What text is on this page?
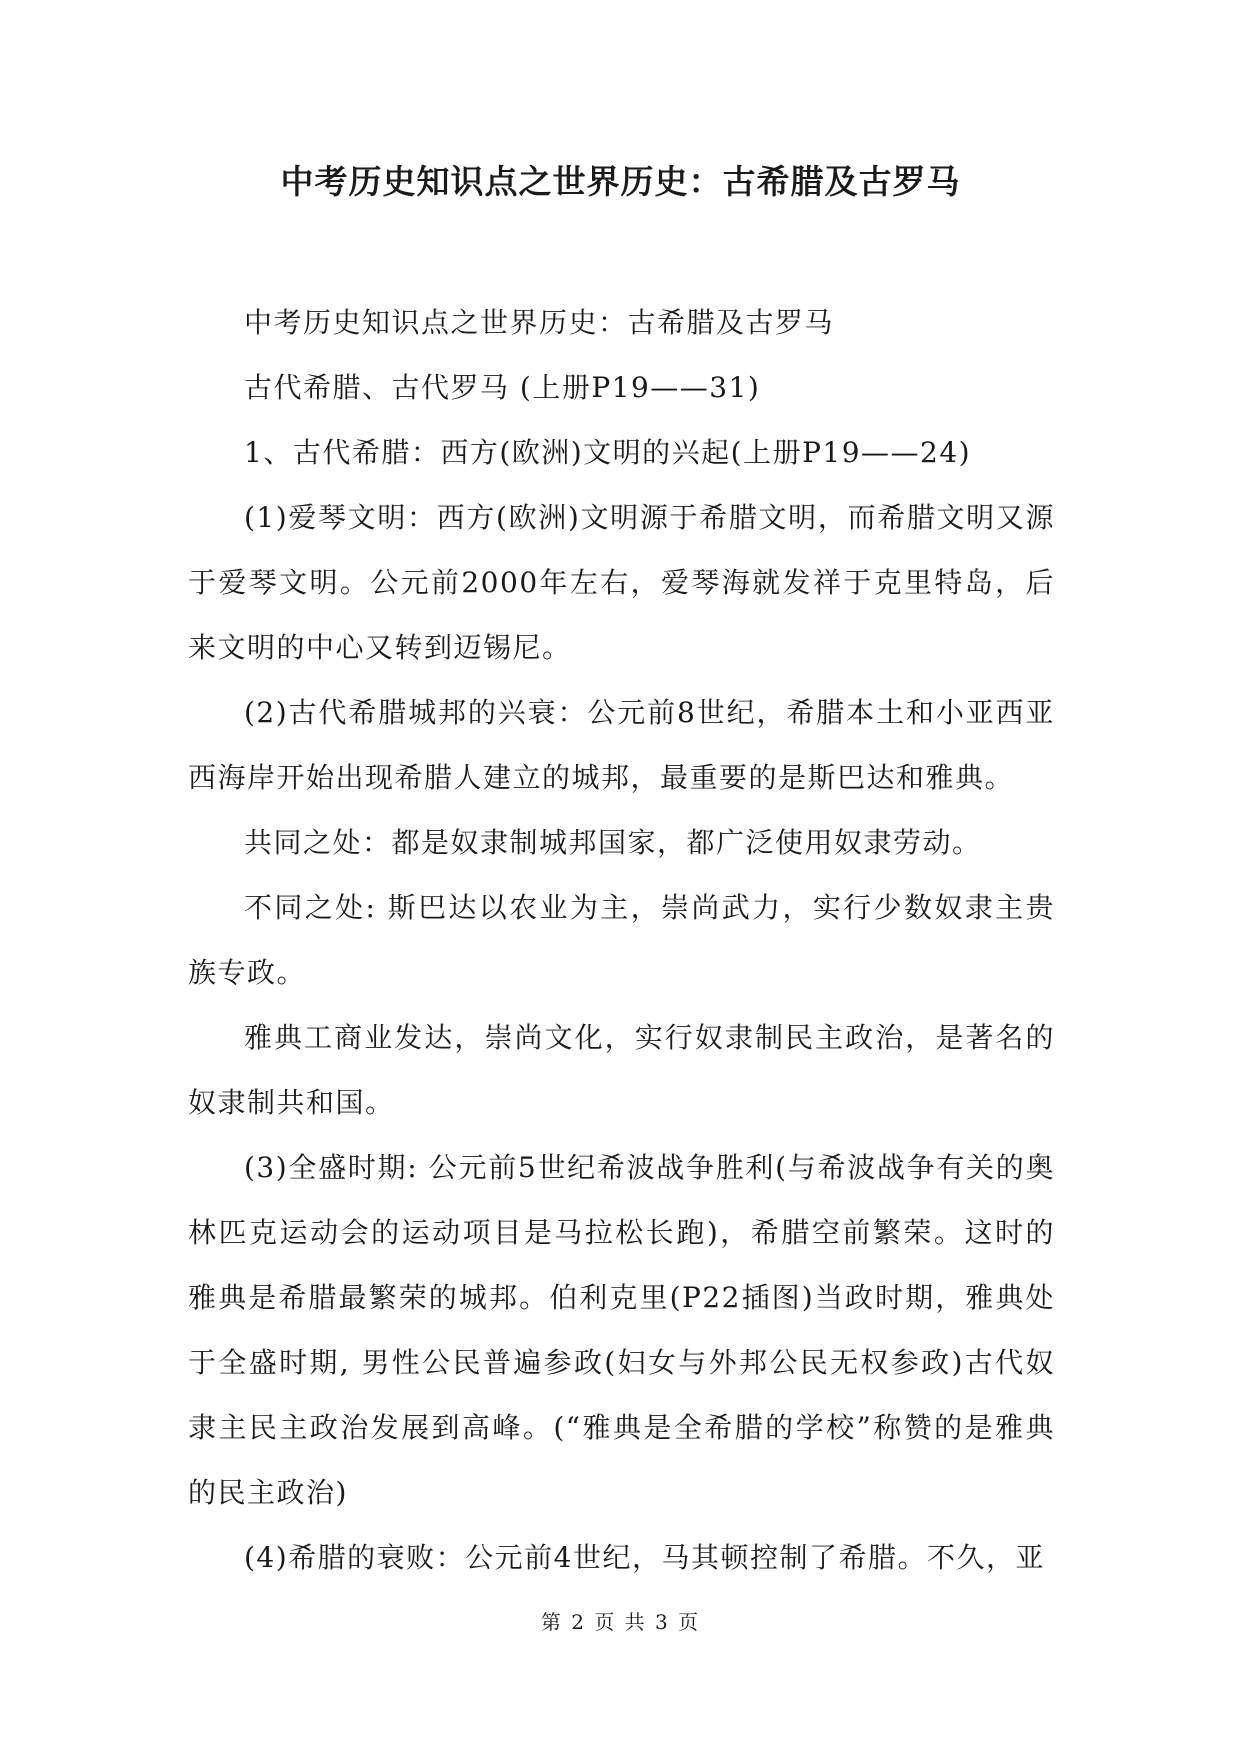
中考历史知识点之世界历史：古希腊及古罗马

中考历史知识点之世界历史：古希腊及古罗马

古代希腊、古代罗马 (上册P19——31)

1、古代希腊：西方(欧洲)文明的兴起(上册P19——24)

(1)爱琴文明：西方(欧洲)文明源于希腊文明，而希腊文明又源于爱琴文明。公元前2000年左右，爱琴海就发祥于克里特岛，后来文明的中心又转到迈锡尼。

(2)古代希腊城邦的兴衰：公元前8世纪，希腊本土和小亚西亚西海岸开始出现希腊人建立的城邦，最重要的是斯巴达和雅典。

共同之处：都是奴隶制城邦国家，都广泛使用奴隶劳动。

不同之处: 斯巴达以农业为主，崇尚武力，实行少数奴隶主贵族专政。

雅典工商业发达，崇尚文化，实行奴隶制民主政治，是著名的奴隶制共和国。

(3)全盛时期: 公元前5世纪希波战争胜利(与希波战争有关的奥林匹克运动会的运动项目是马拉松长跑)，希腊空前繁荣。这时的雅典是希腊最繁荣的城邦。伯利克里(P22插图)当政时期，雅典处于全盛时期, 男性公民普遍参政(妇女与外邦公民无权参政)古代奴隶主民主政治发展到高峰。(“雅典是全希腊的学校”称赞的是雅典的民主政治)

(4)希腊的衰败：公元前4世纪，马其顿控制了希腊。不久，亚

第 2 页 共 3 页
